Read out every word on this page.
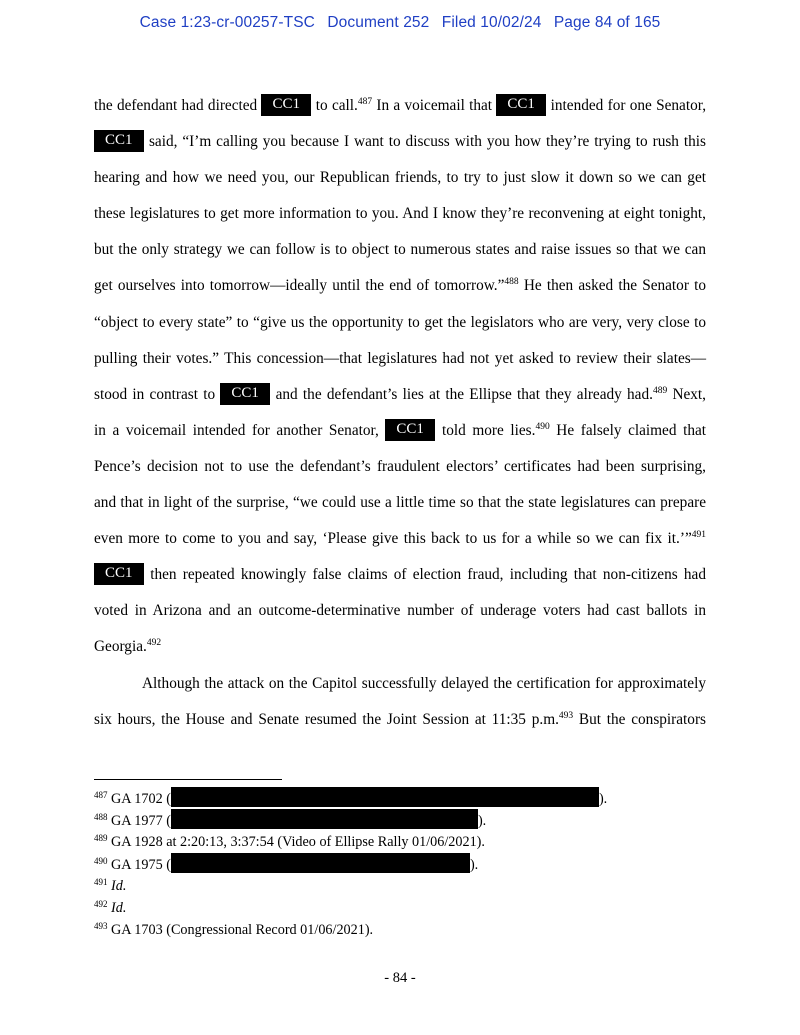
Case 1:23-cr-00257-TSC Document 252 Filed 10/02/24 Page 84 of 165
the defendant had directed CC1 to call.$^{487}$ In a voicemail that CC1 intended for one Senator,
CC1 said, “I’m calling you because I want to discuss with you how they’re trying to rush this
hearing and how we need you, our Republican friends, to try to just slow it down so we can get
these legislatures to get more information to you. And I know they’re reconvening at eight tonight,
but the only strategy we can follow is to object to numerous states and raise issues so that we can
get ourselves into tomorrow—ideally until the end of tomorrow.”$^{488}$ He then asked the Senator to
“object to every state” to “give us the opportunity to get the legislators who are very, very close to
pulling their votes.” This concession—that legislatures had not yet asked to review their slates—
stood in contrast to CC1 and the defendant’s lies at the Ellipse that they already had.$^{489}$ Next,
in a voicemail intended for another Senator, CC1 told more lies.$^{490}$ He falsely claimed that
Pence’s decision not to use the defendant’s fraudulent electors’ certificates had been surprising,
and that in light of the surprise, “we could use a little time so that the state legislatures can prepare
even more to come to you and say, ‘Please give this back to us for a while so we can fix it.’”$^{491}$
CC1 then repeated knowingly false claims of election fraud, including that non-citizens had
voted in Arizona and an outcome-determinative number of underage voters had cast ballots in
Georgia.$^{492}$
Although the attack on the Capitol successfully delayed the certification for approximately
six hours, the House and Senate resumed the Joint Session at 11:35 p.m.$^{493}$ But the conspirators
$^{487}$ GA 1702 (	).
$^{488}$ GA 1977 (	).
$^{489}$ GA 1928 at 2:20:13, 3:37:54 (Video of Ellipse Rally 01/06/2021).
$^{490}$ GA 1975 (	).
$^{491}$ Id.
$^{492}$ Id.
$^{493}$ GA 1703 (Congressional Record 01/06/2021).
- 84 -
